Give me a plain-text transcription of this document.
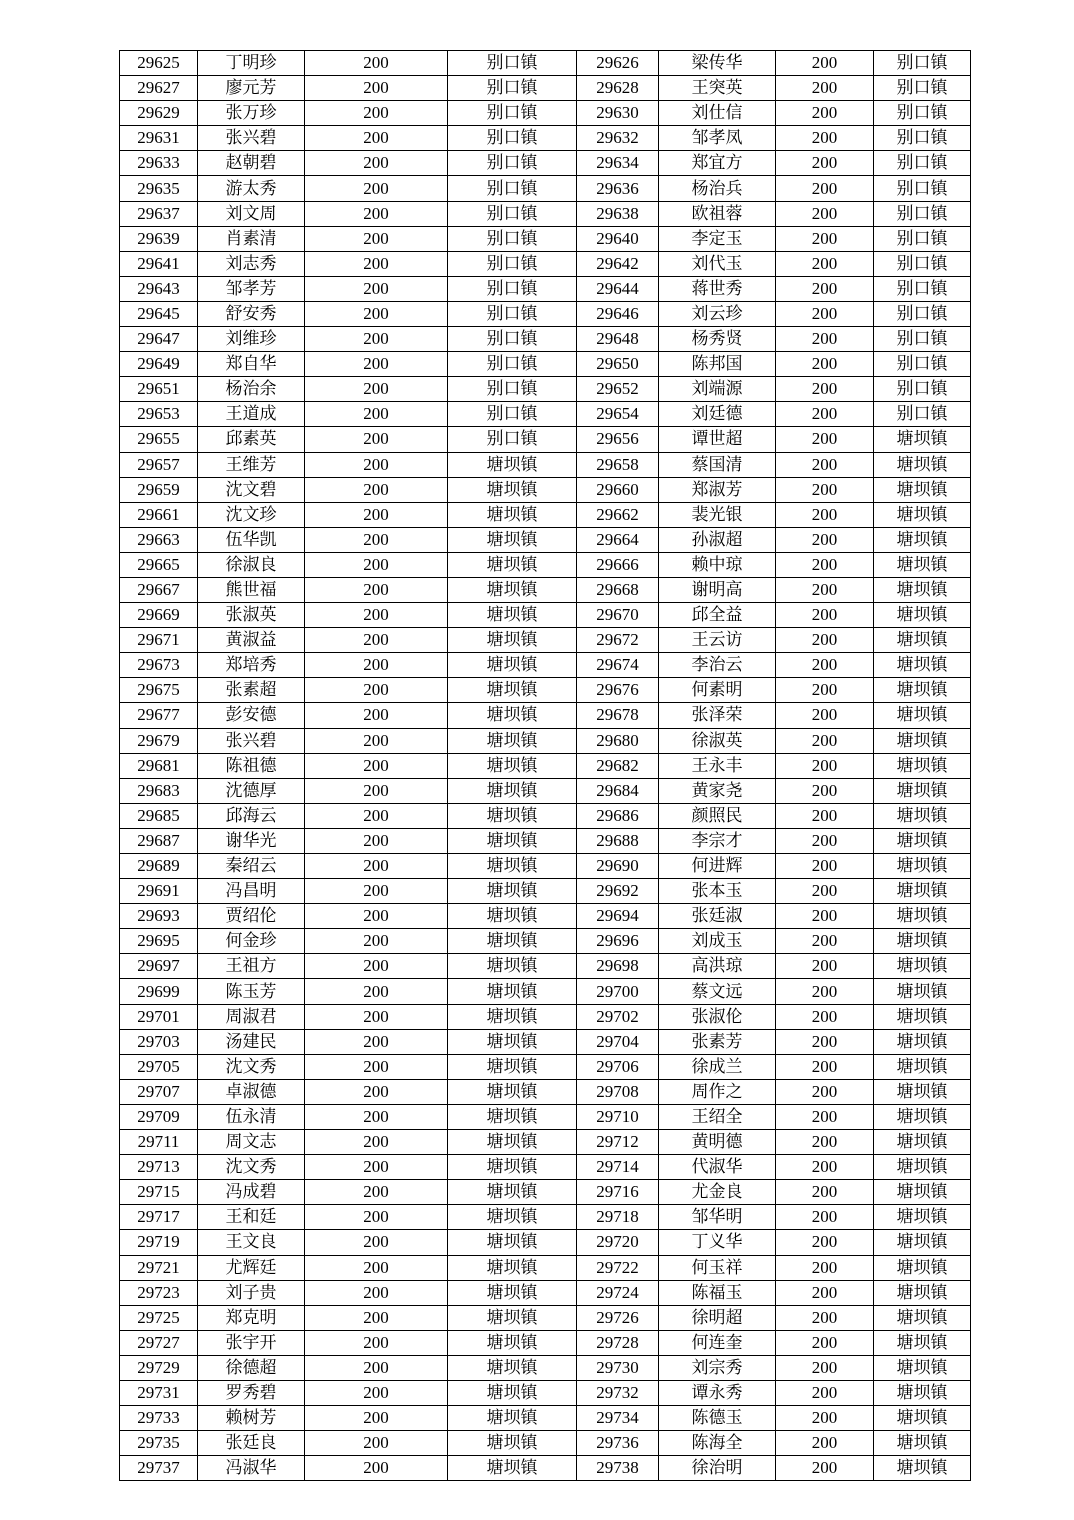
29625	丁明珍	200	别口镇	29626	梁传华	200	别口镇
29627	廖元芳	200	别口镇	29628	王突英	200	别口镇
29629	张万珍	200	别口镇	29630	刘仕信	200	别口镇
29631	张兴碧	200	别口镇	29632	邹孝凤	200	别口镇
29633	赵朝碧	200	别口镇	29634	郑宜方	200	别口镇
29635	游太秀	200	别口镇	29636	杨治兵	200	别口镇
29637	刘文周	200	别口镇	29638	欧祖蓉	200	别口镇
29639	肖素清	200	别口镇	29640	李定玉	200	别口镇
29641	刘志秀	200	别口镇	29642	刘代玉	200	别口镇
29643	邹孝芳	200	别口镇	29644	蒋世秀	200	别口镇
29645	舒安秀	200	别口镇	29646	刘云珍	200	别口镇
29647	刘维珍	200	别口镇	29648	杨秀贤	200	别口镇
29649	郑自华	200	别口镇	29650	陈邦国	200	别口镇
29651	杨治余	200	别口镇	29652	刘端源	200	别口镇
29653	王道成	200	别口镇	29654	刘廷德	200	别口镇
29655	邱素英	200	别口镇	29656	谭世超	200	塘坝镇
29657	王维芳	200	塘坝镇	29658	蔡国清	200	塘坝镇
29659	沈文碧	200	塘坝镇	29660	郑淑芳	200	塘坝镇
29661	沈文珍	200	塘坝镇	29662	裴光银	200	塘坝镇
29663	伍华凯	200	塘坝镇	29664	孙淑超	200	塘坝镇
29665	徐淑良	200	塘坝镇	29666	赖中琼	200	塘坝镇
29667	熊世福	200	塘坝镇	29668	谢明高	200	塘坝镇
29669	张淑英	200	塘坝镇	29670	邱全益	200	塘坝镇
29671	黄淑益	200	塘坝镇	29672	王云访	200	塘坝镇
29673	郑培秀	200	塘坝镇	29674	李治云	200	塘坝镇
29675	张素超	200	塘坝镇	29676	何素明	200	塘坝镇
29677	彭安德	200	塘坝镇	29678	张泽荣	200	塘坝镇
29679	张兴碧	200	塘坝镇	29680	徐淑英	200	塘坝镇
29681	陈祖德	200	塘坝镇	29682	王永丰	200	塘坝镇
29683	沈德厚	200	塘坝镇	29684	黄家尧	200	塘坝镇
29685	邱海云	200	塘坝镇	29686	颜照民	200	塘坝镇
29687	谢华光	200	塘坝镇	29688	李宗才	200	塘坝镇
29689	秦绍云	200	塘坝镇	29690	何进辉	200	塘坝镇
29691	冯昌明	200	塘坝镇	29692	张本玉	200	塘坝镇
29693	贾绍伦	200	塘坝镇	29694	张廷淑	200	塘坝镇
29695	何金珍	200	塘坝镇	29696	刘成玉	200	塘坝镇
29697	王祖方	200	塘坝镇	29698	高洪琼	200	塘坝镇
29699	陈玉芳	200	塘坝镇	29700	蔡文远	200	塘坝镇
29701	周淑君	200	塘坝镇	29702	张淑伦	200	塘坝镇
29703	汤建民	200	塘坝镇	29704	张素芳	200	塘坝镇
29705	沈文秀	200	塘坝镇	29706	徐成兰	200	塘坝镇
29707	卓淑德	200	塘坝镇	29708	周作之	200	塘坝镇
29709	伍永清	200	塘坝镇	29710	王绍全	200	塘坝镇
29711	周文志	200	塘坝镇	29712	黄明德	200	塘坝镇
29713	沈文秀	200	塘坝镇	29714	代淑华	200	塘坝镇
29715	冯成碧	200	塘坝镇	29716	尤金良	200	塘坝镇
29717	王和廷	200	塘坝镇	29718	邹华明	200	塘坝镇
29719	王文良	200	塘坝镇	29720	丁义华	200	塘坝镇
29721	尤辉廷	200	塘坝镇	29722	何玉祥	200	塘坝镇
29723	刘子贵	200	塘坝镇	29724	陈福玉	200	塘坝镇
29725	郑克明	200	塘坝镇	29726	徐明超	200	塘坝镇
29727	张宇开	200	塘坝镇	29728	何连奎	200	塘坝镇
29729	徐德超	200	塘坝镇	29730	刘宗秀	200	塘坝镇
29731	罗秀碧	200	塘坝镇	29732	谭永秀	200	塘坝镇
29733	赖树芳	200	塘坝镇	29734	陈德玉	200	塘坝镇
29735	张廷良	200	塘坝镇	29736	陈海全	200	塘坝镇
29737	冯淑华	200	塘坝镇	29738	徐治明	200	塘坝镇
